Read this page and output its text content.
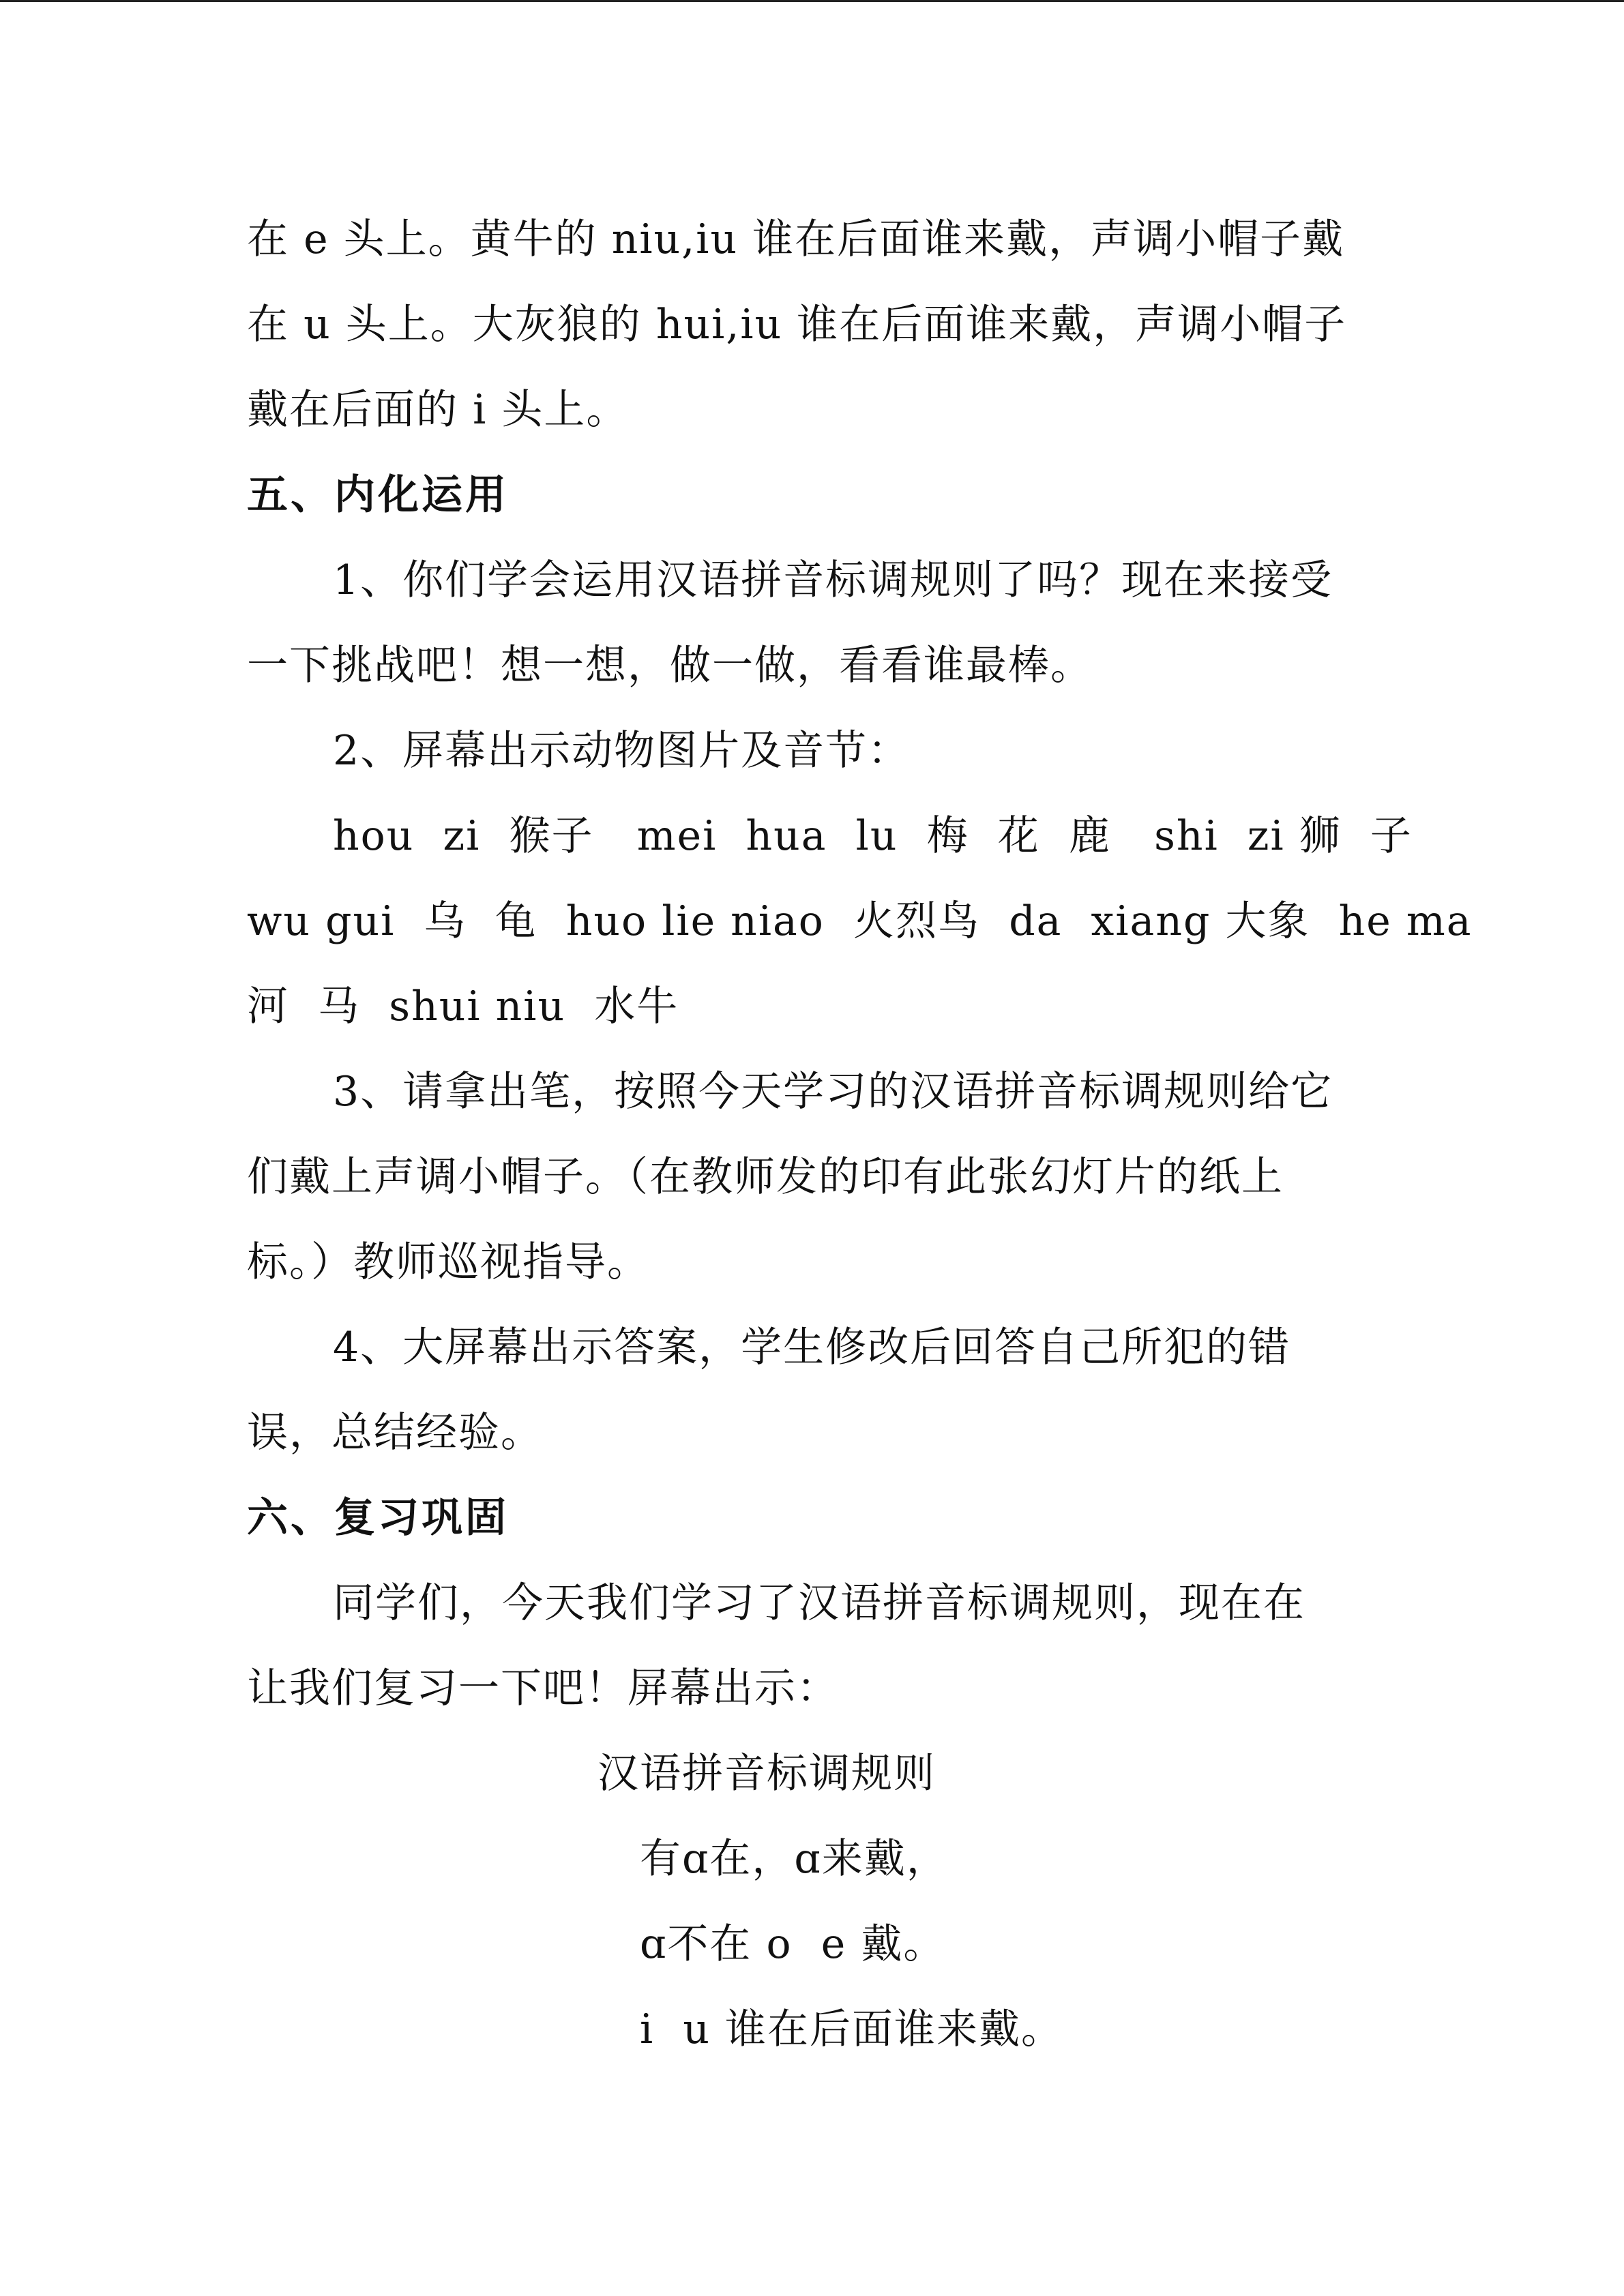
在 e 头上。黄牛的 niu,iu 谁在后面谁来戴，声调小帽子戴
在 u 头上。大灰狼的 hui,iu 谁在后面谁来戴，声调小帽子
戴在后面的 i 头上。
五、内化运用
1、你们学会运用汉语拼音标调规则了吗？现在来接受
一下挑战吧！想一想，做一做，看看谁最棒。
2、屏幕出示动物图片及音节：
hou  zi  猴子   mei  hua  lu  梅  花  鹿   shi  zi 狮  子
wu gui  乌  龟  huo lie niao  火烈鸟  da  xiang 大象  he ma
河  马  shui niu  水牛
3、请拿出笔，按照今天学习的汉语拼音标调规则给它
们戴上声调小帽子。（在教师发的印有此张幻灯片的纸上
标。）教师巡视指导。
4、大屏幕出示答案，学生修改后回答自己所犯的错
误，总结经验。
六、复习巩固
同学们，今天我们学习了汉语拼音标调规则，现在在
让我们复习一下吧！屏幕出示：
汉语拼音标调规则
有ɑ在，ɑ来戴，
ɑ不在 o  e 戴。
i  u 谁在后面谁来戴。
